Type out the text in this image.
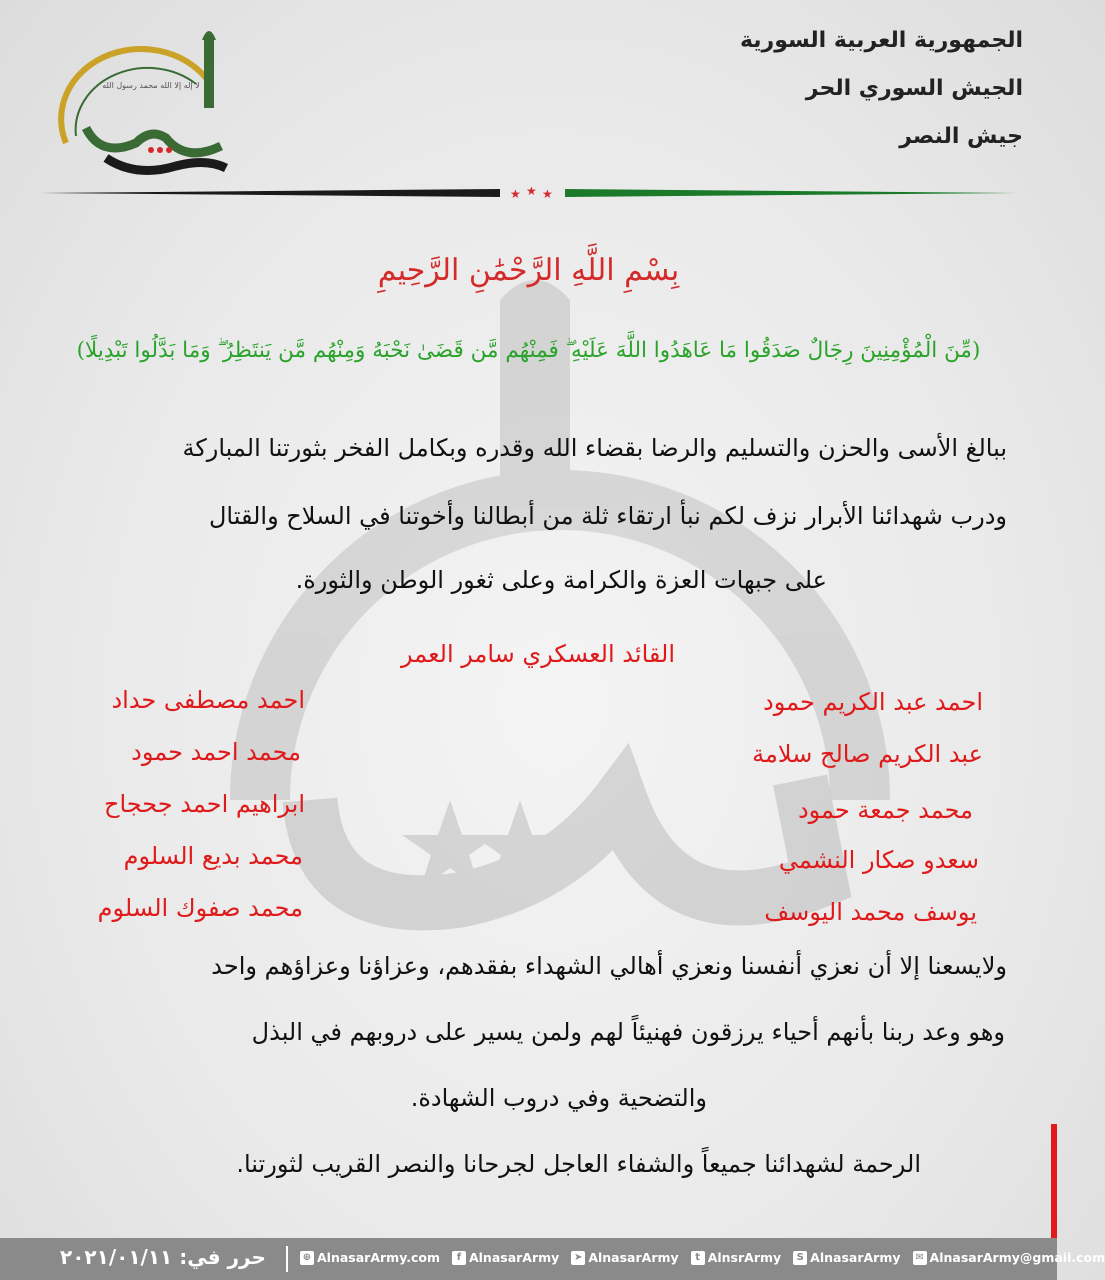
لا إله إلا الله محمد رسول الله
جيش النصر
الجمهورية العربية السورية
الجيش السوري الحر
جيش النصر
★ ★ ★
بِسْمِ اللَّهِ الرَّحْمَٰنِ الرَّحِيمِ
(مِّنَ الْمُؤْمِنِينَ رِجَالٌ صَدَقُوا مَا عَاهَدُوا اللَّهَ عَلَيْهِ ۖ فَمِنْهُم مَّن قَضَىٰ نَحْبَهُ وَمِنْهُم مَّن يَنتَظِرُ ۖ وَمَا بَدَّلُوا تَبْدِيلًا)
ببالغ الأسى والحزن والتسليم والرضا بقضاء الله وقدره وبكامل الفخر بثورتنا المباركة
ودرب شهدائنا الأبرار نزف لكم نبأ ارتقاء ثلة من أبطالنا وأخوتنا في السلاح والقتال
على جبهات العزة والكرامة وعلى ثغور الوطن والثورة.
القائد العسكري سامر العمر
احمد عبد الكريم حمود
عبد الكريم صالح سلامة
محمد جمعة حمود
سعدو صكار النشمي
يوسف محمد اليوسف
احمد مصطفى حداد
محمد احمد حمود
ابراهيم احمد جحجاح
محمد بديع السلوم
محمد صفوك السلوم
ولايسعنا إلا أن نعزي أنفسنا ونعزي أهالي الشهداء بفقدهم، وعزاؤنا وعزاؤهم واحد
وهو وعد ربنا بأنهم أحياء يرزقون فهنيئاً لهم ولمن يسير على دروبهم في البذل
والتضحية وفي دروب الشهادة.
الرحمة لشهدائنا جميعاً والشفاء العاجل لجرحانا والنصر القريب لثورتنا.
حرر في: ٢٠٢١/٠١/١١	⊕ AlnasarArmy.com	f AlnasarArmy ➤ AlnasarArmy	t AlnsrArmy	S AlnasarArmy ✉ AlnasarArmy@gmail.com
